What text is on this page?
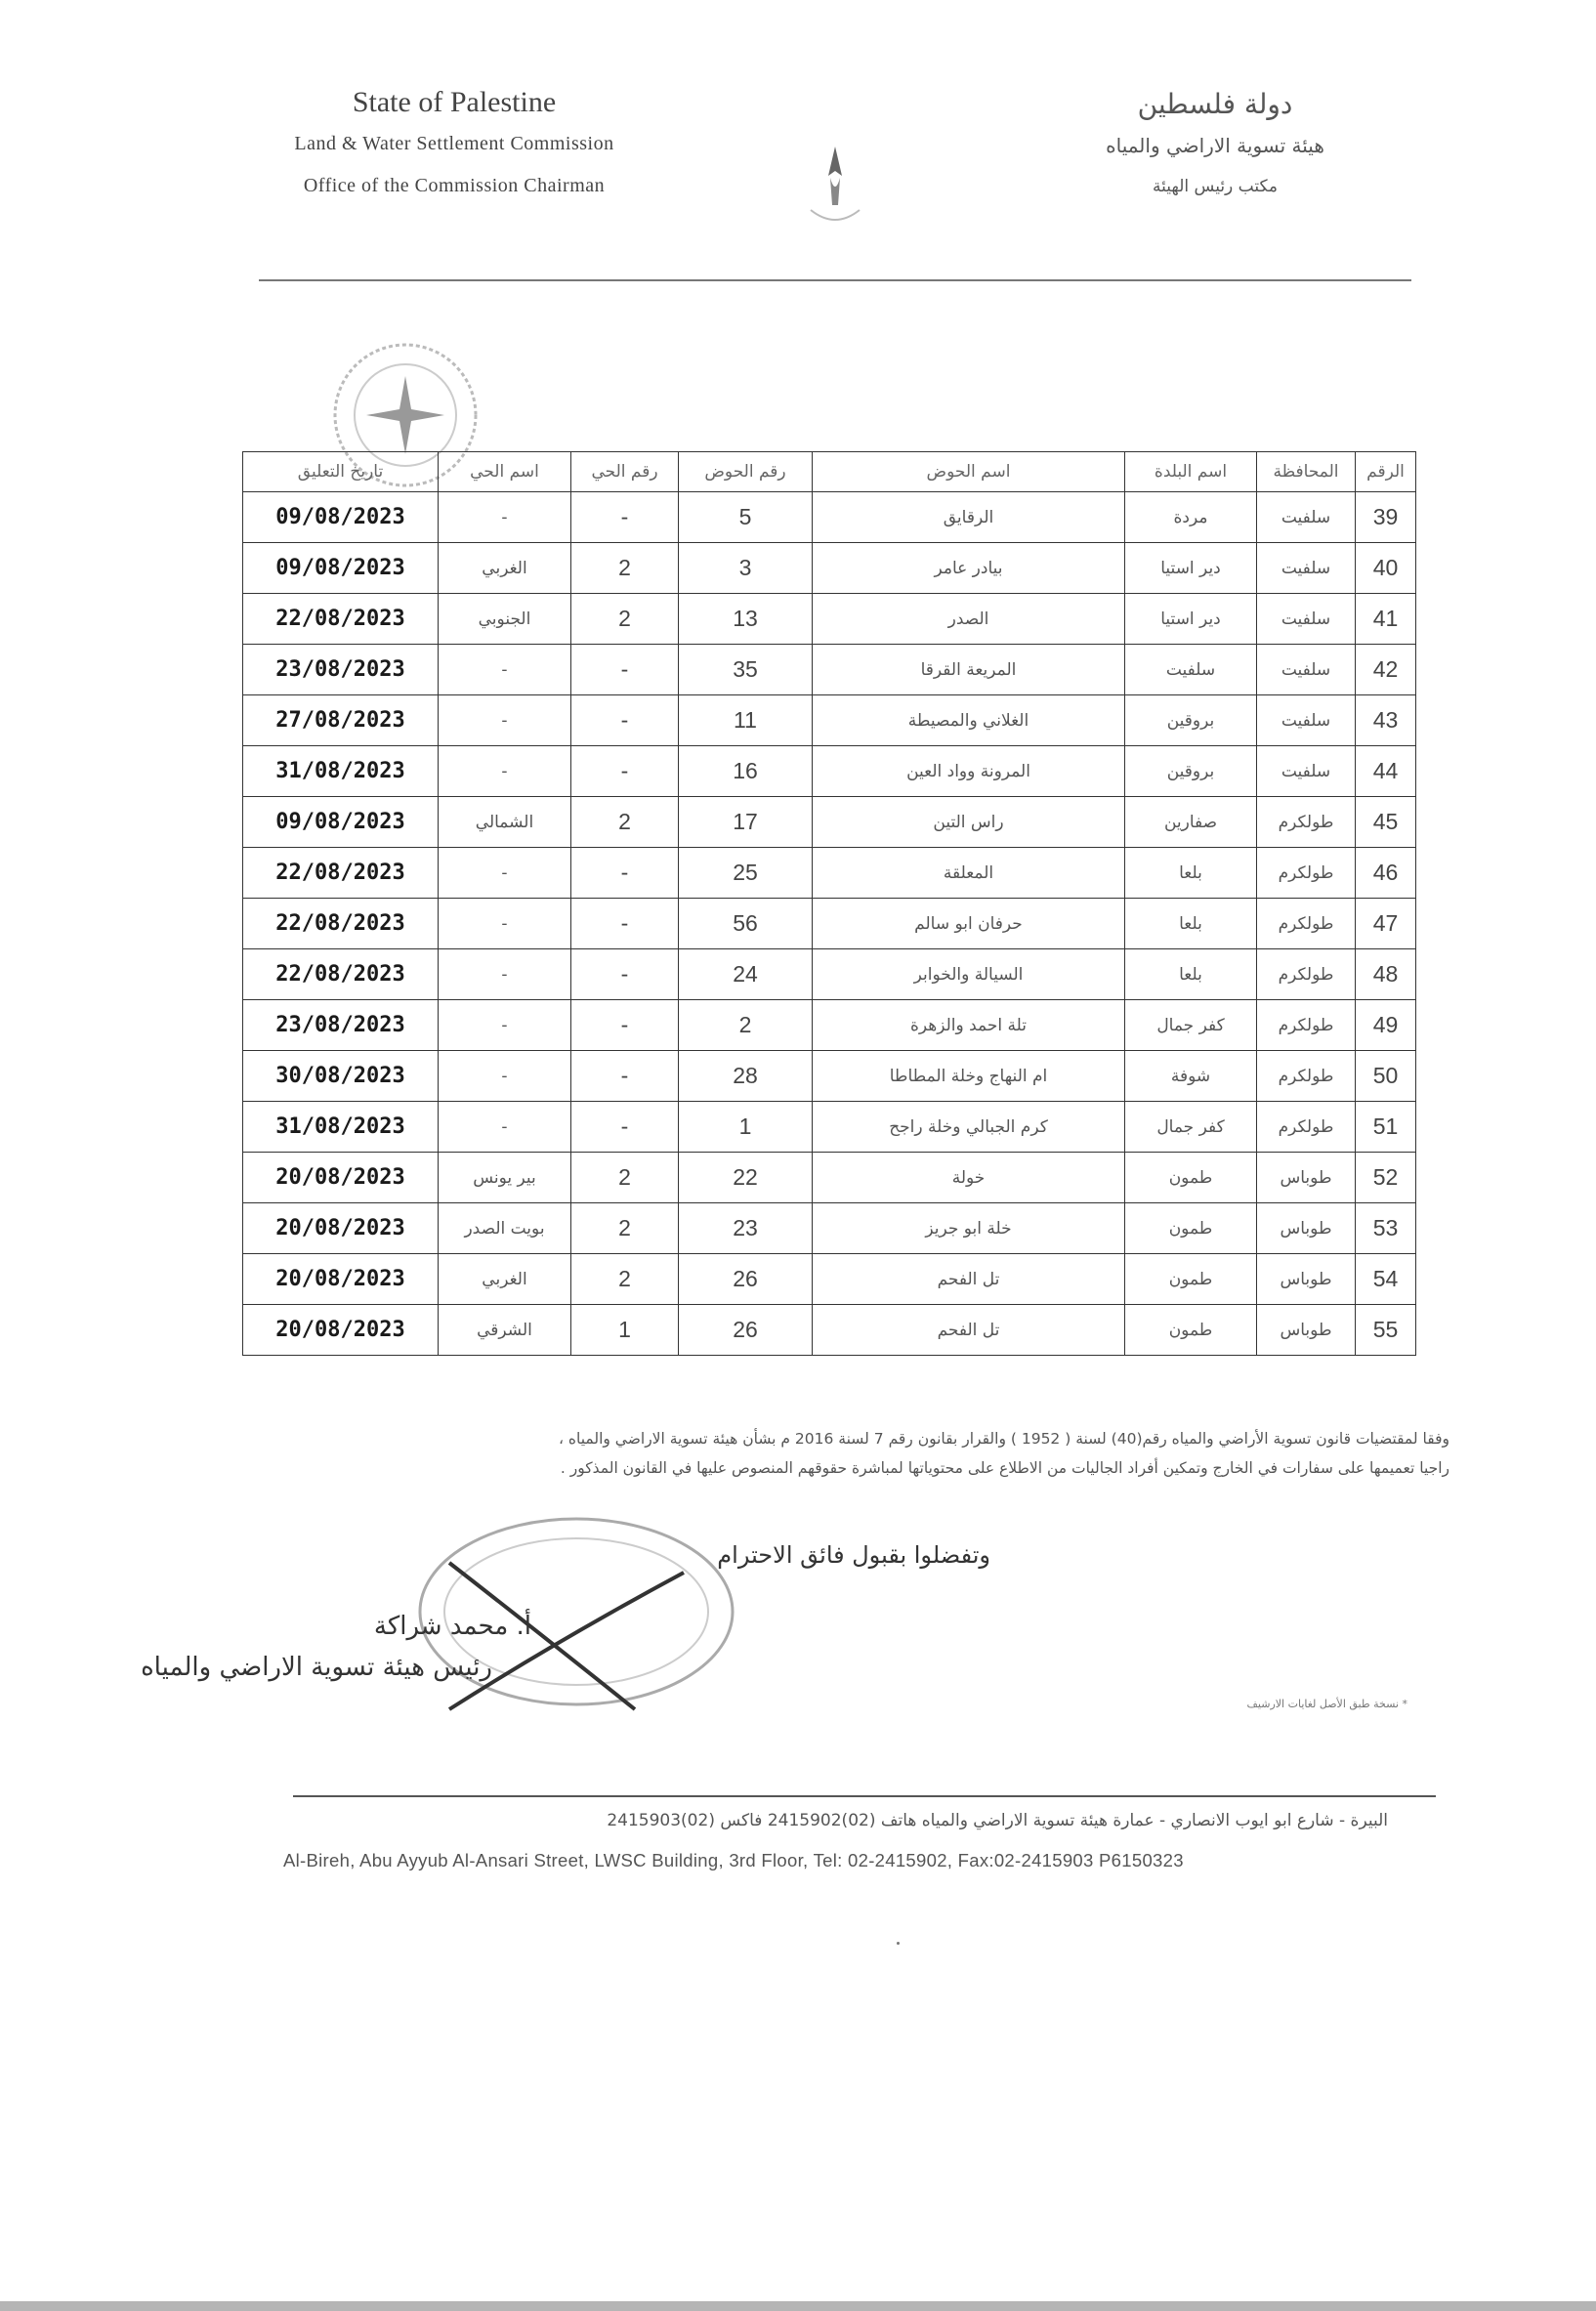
State of Palestine
Land & Water Settlement Commission
Office of the Commission Chairman
دولة فلسطين
هيئة تسوية الاراضي والمياه
مكتب رئيس الهيئة
الرقم	المحافظة	اسم البلدة	اسم الحوض	رقم الحوض	رقم الحي	اسم الحي	تاريخ التعليق
39	سلفيت	مردة	الرقايق	5	-	-	09/08/2023
40	سلفيت	دير استيا	بيادر عامر	3	2	الغربي	09/08/2023
41	سلفيت	دير استيا	الصدر	13	2	الجنوبي	22/08/2023
42	سلفيت	سلفيت	المريعة القرقا	35	-	-	23/08/2023
43	سلفيت	بروقين	الغلاني والمصيطة	11	-	-	27/08/2023
44	سلفيت	بروقين	المرونة وواد العين	16	-	-	31/08/2023
45	طولكرم	صفارين	راس التين	17	2	الشمالي	09/08/2023
46	طولكرم	بلعا	المعلقة	25	-	-	22/08/2023
47	طولكرم	بلعا	حرفان ابو سالم	56	-	-	22/08/2023
48	طولكرم	بلعا	السيالة والخوابر	24	-	-	22/08/2023
49	طولكرم	كفر جمال	تلة احمد والزهرة	2	-	-	23/08/2023
50	طولكرم	شوفة	ام النهاج وخلة المطاطا	28	-	-	30/08/2023
51	طولكرم	كفر جمال	كرم الجبالي وخلة راجح	1	-	-	31/08/2023
52	طوباس	طمون	خولة	22	2	بير يونس	20/08/2023
53	طوباس	طمون	خلة ابو جريز	23	2	بويت الصدر	20/08/2023
54	طوباس	طمون	تل الفحم	26	2	الغربي	20/08/2023
55	طوباس	طمون	تل الفحم	26	1	الشرقي	20/08/2023
وفقا لمقتضيات قانون تسوية الأراضي والمياه رقم(40) لسنة ( 1952 ) والقرار بقانون رقم 7 لسنة 2016 م بشأن هيئة تسوية الاراضي والمياه ،
راجيا تعميمها على سفارات في الخارج وتمكين أفراد الجاليات من الاطلاع على محتوياتها لمباشرة حقوقهم المنصوص عليها في القانون المذكور .
وتفضلوا بقبول فائق الاحترام
أ. محمد شراكة
رئيس هيئة تسوية الاراضي والمياه
* نسخة طبق الأصل لغايات الارشيف
البيرة - شارع ابو ايوب الانصاري - عمارة هيئة تسوية الاراضي والمياه هاتف (02)2415902 فاكس (02)2415903
Al-Bireh, Abu Ayyub Al-Ansari Street, LWSC Building, 3rd Floor, Tel: 02-2415902, Fax:02-2415903 P6150323
